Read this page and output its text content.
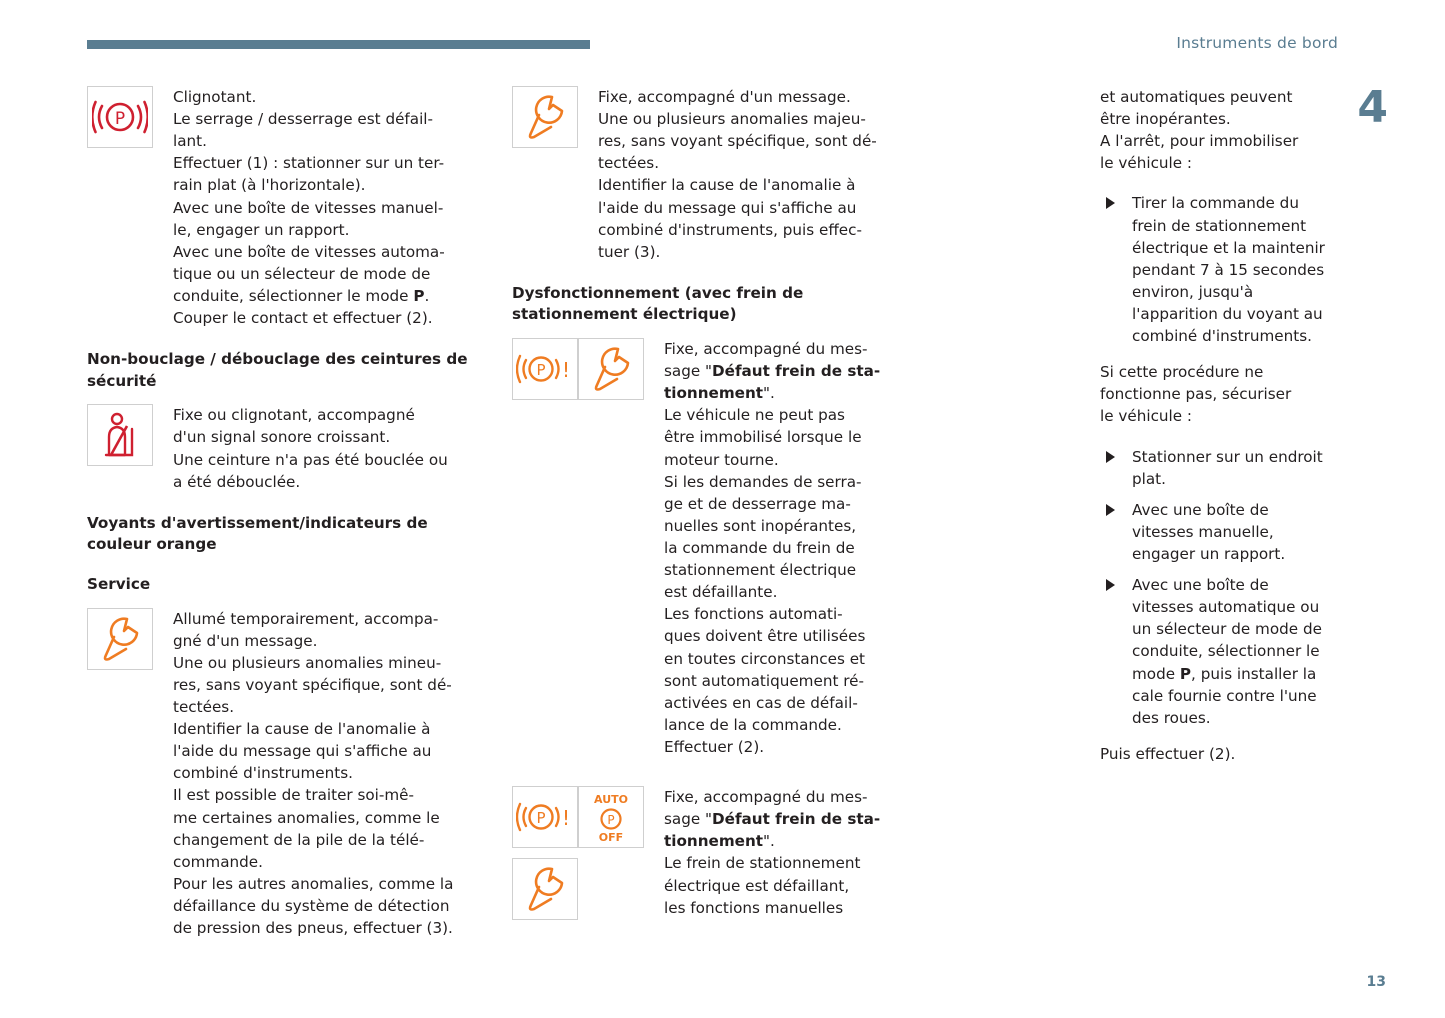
Instruments de bord
4
13
P

Clignotant.

Le serrage / desserrage est défail-

lant.

Effectuer (1) : stationner sur un ter-

rain plat (à l'horizontale).

Avec une boîte de vitesses manuel-

le, engager un rapport.

Avec une boîte de vitesses automa-

tique ou un sélecteur de mode de

conduite, sélectionner le mode P.

Couper le contact et effectuer (2).

Non-bouclage / débouclage des ceintures de sécurité

Fixe ou clignotant, accompagné

d'un signal sonore croissant.

Une ceinture n'a pas été bouclée ou

a été débouclée.

Voyants d'avertissement/indicateurs de couleur orange
Service

Allumé temporairement, accompa-

gné d'un message.

Une ou plusieurs anomalies mineu-

res, sans voyant spécifique, sont dé-

tectées.

Identifier la cause de l'anomalie à

l'aide du message qui s'affiche au

combiné d'instruments.

Il est possible de traiter soi-mê-

me certaines anomalies, comme le

changement de la pile de la télé-

commande.

Pour les autres anomalies, comme la

défaillance du système de détection

de pression des pneus, effectuer (3).

Fixe, accompagné d'un message.

Une ou plusieurs anomalies majeu-

res, sans voyant spécifique, sont dé-

tectées.

Identifier la cause de l'anomalie à

l'aide du message qui s'affiche au

combiné d'instruments, puis effec-

tuer (3).

Dysfonctionnement (avec frein de stationnement électrique)
P !

Fixe, accompagné du mes-

sage "Défaut frein de sta-

tionnement".

Le véhicule ne peut pas

être immobilisé lorsque le

moteur tourne.

Si les demandes de serra-

ge et de desserrage ma-

nuelles sont inopérantes,

la commande du frein de

stationnement électrique

est défaillante.

Les fonctions automati-

ques doivent être utilisées

en toutes circonstances et

sont automatiquement ré-

activées en cas de défail-

lance de la commande.

Effectuer (2).

P !
AUTO
P
OFF

Fixe, accompagné du mes-

sage "Défaut frein de sta-

tionnement".

Le frein de stationnement

électrique est défaillant,

les fonctions manuelles

et automatiques peuvent

être inopérantes.

A l'arrêt, pour immobiliser

le véhicule :

Tirer la commande du frein de stationnement électrique et la maintenir pendant 7 à 15 secondes environ, jusqu'à l'apparition du voyant au combiné d'instruments.

Si cette procédure ne

fonctionne pas, sécuriser

le véhicule :

Stationner sur un endroit plat.
Avec une boîte de vitesses manuelle, engager un rapport.
Avec une boîte de vitesses automatique ou un sélecteur de mode de conduite, sélectionner le mode P, puis installer la cale fournie contre l'une des roues.

Puis effectuer (2).
